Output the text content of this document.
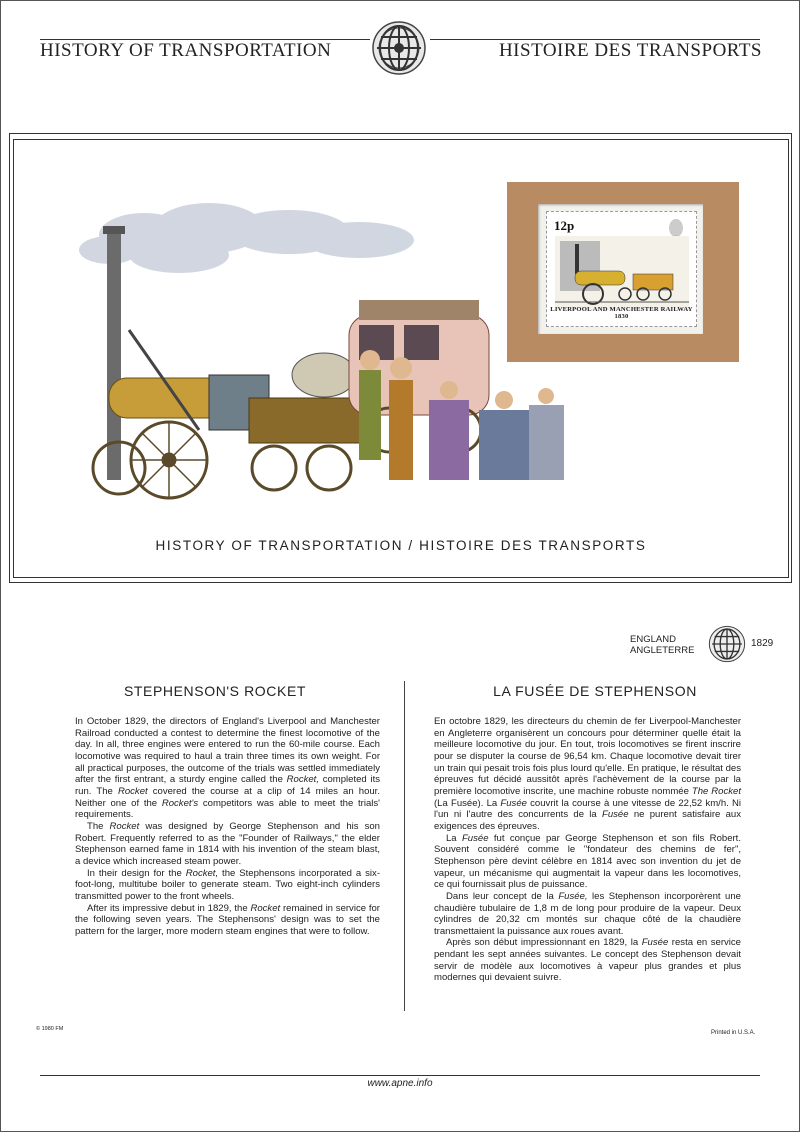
HISTORY OF TRANSPORTATION	HISTOIRE DES TRANSPORTS
12p
LIVERPOOL AND MANCHESTER RAILWAY 1830
HISTORY OF TRANSPORTATION / HISTOIRE DES TRANSPORTS
ENGLAND
ANGLETERRE
1829
STEPHENSON'S ROCKET	LA FUSÉE DE STEPHENSON

In October 1829, the directors of England's Liverpool and Manchester Railroad conducted a contest to determine the finest locomotive of the day. In all, three engines were entered to run the 60-mile course. Each locomotive was required to haul a train three times its own weight. For all practical purposes, the outcome of the trials was settled immediately after the first entrant, a sturdy engine called the Rocket, completed its run. The Rocket covered the course at a clip of 14 miles an hour. Neither one of the Rocket's competitors was able to meet the trials' requirements.

The Rocket was designed by George Stephenson and his son Robert. Frequently referred to as the "Founder of Railways," the elder Stephenson earned fame in 1814 with his invention of the steam blast, a device which increased steam power.

In their design for the Rocket, the Stephensons incorporated a six-foot-long, multitube boiler to generate steam. Two eight-inch cylinders transmitted power to the front wheels.

After its impressive debut in 1829, the Rocket remained in service for the following seven years. The Stephensons' design was to set the pattern for the larger, more modern steam engines that were to follow.

En octobre 1829, les directeurs du chemin de fer Liverpool-Manchester en Angleterre organisèrent un concours pour déterminer quelle était la meilleure locomotive du jour. En tout, trois locomotives se firent inscrire pour se disputer la course de 96,54 km. Chaque locomotive devait tirer un train qui pesait trois fois plus lourd qu'elle. En pratique, le résultat des épreuves fut décidé aussitôt après l'achèvement de la course par la première locomotive inscrite, une machine robuste nommée The Rocket (La Fusée). La Fusée couvrit la course à une vitesse de 22,52 km/h. Ni l'un ni l'autre des concurrents de la Fusée ne purent satisfaire aux exigences des épreuves.

La Fusée fut conçue par George Stephenson et son fils Robert. Souvent considéré comme le "fondateur des chemins de fer", Stephenson père devint célèbre en 1814 avec son invention du jet de vapeur, un mécanisme qui augmentait la vapeur dans les locomotives, ce qui fournissait plus de puissance.

Dans leur concept de la Fusée, les Stephenson incorporèrent une chaudière tubulaire de 1,8 m de long pour produire de la vapeur. Deux cylindres de 20,32 cm montés sur chaque côté de la chaudière transmettaient la puissance aux roues avant.

Après son début impressionnant en 1829, la Fusée resta en service pendant les sept années suivantes. Le concept des Stephenson devait servir de modèle aux locomotives à vapeur plus grandes et plus modernes qui devaient suivre.

© 1980 FM
Printed in U.S.A.
www.apne.info
